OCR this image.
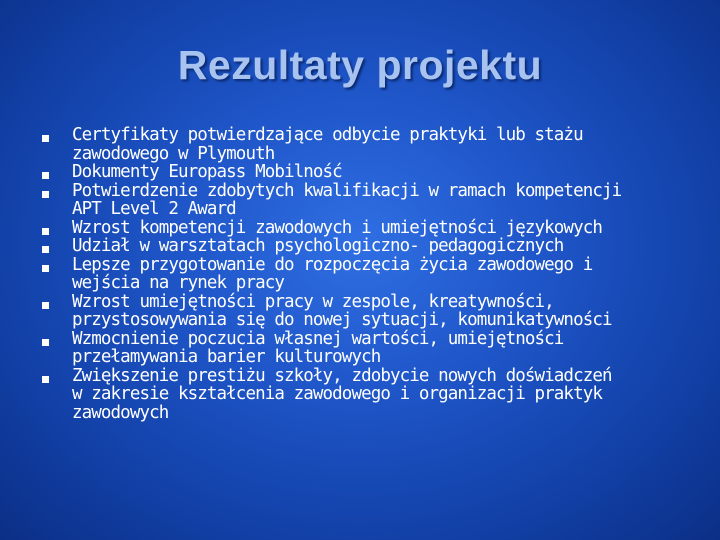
Rezultaty projektu
Certyfikaty potwierdzające odbycie praktyki lub stażu
zawodowego w Plymouth
Dokumenty Europass Mobilność
Potwierdzenie zdobytych kwalifikacji w ramach kompetencji
APT Level 2 Award
Wzrost kompetencji zawodowych i umiejętności językowych
Udział w warsztatach psychologiczno- pedagogicznych
Lepsze przygotowanie do rozpoczęcia życia zawodowego i
wejścia na rynek pracy
Wzrost umiejętności pracy w zespole, kreatywności,
przystosowywania się do nowej sytuacji, komunikatywności
Wzmocnienie poczucia własnej wartości, umiejętności
przełamywania barier kulturowych
Zwiększenie prestiżu szkoły, zdobycie nowych doświadczeń
w zakresie kształcenia zawodowego i organizacji praktyk
zawodowych
